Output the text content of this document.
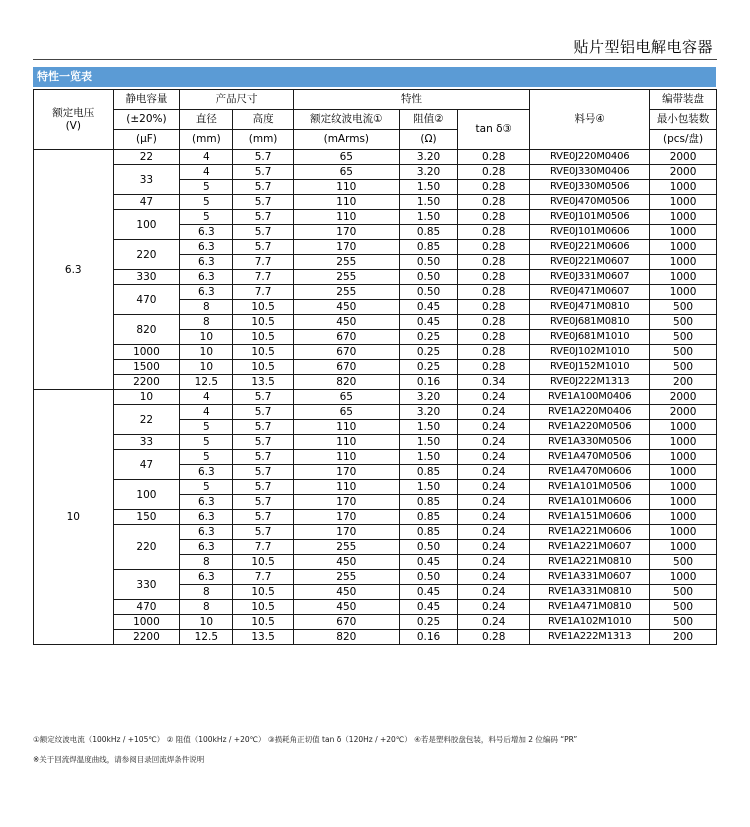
贴片型铝电解电容器
特性一览表
额定电压
(V)	静电容量	产品尺寸		特性			料号④	编带装盘
	(±20%)	直径	高度	额定纹波电流①	阻值②	tan δ③		最小包装数
	(μF)	(mm)	(mm)	(mArms)	(Ω)			(pcs/盘)
6.3	22	4	5.7	65	3.20	0.28	RVE0J220M0406	2000
	33	4	5.7	65	3.20	0.28	RVE0J330M0406	2000
		5	5.7	110	1.50	0.28	RVE0J330M0506	1000
	47	5	5.7	110	1.50	0.28	RVE0J470M0506	1000
	100	5	5.7	110	1.50	0.28	RVE0J101M0506	1000
		6.3	5.7	170	0.85	0.28	RVE0J101M0606	1000
	220	6.3	5.7	170	0.85	0.28	RVE0J221M0606	1000
		6.3	7.7	255	0.50	0.28	RVE0J221M0607	1000
	330	6.3	7.7	255	0.50	0.28	RVE0J331M0607	1000
	470	6.3	7.7	255	0.50	0.28	RVE0J471M0607	1000
		8	10.5	450	0.45	0.28	RVE0J471M0810	500
	820	8	10.5	450	0.45	0.28	RVE0J681M0810	500
		10	10.5	670	0.25	0.28	RVE0J681M1010	500
	1000	10	10.5	670	0.25	0.28	RVE0J102M1010	500
	1500	10	10.5	670	0.25	0.28	RVE0J152M1010	500
	2200	12.5	13.5	820	0.16	0.34	RVE0J222M1313	200
10	10	4	5.7	65	3.20	0.24	RVE1A100M0406	2000
	22	4	5.7	65	3.20	0.24	RVE1A220M0406	2000
		5	5.7	110	1.50	0.24	RVE1A220M0506	1000
	33	5	5.7	110	1.50	0.24	RVE1A330M0506	1000
	47	5	5.7	110	1.50	0.24	RVE1A470M0506	1000
		6.3	5.7	170	0.85	0.24	RVE1A470M0606	1000
	100	5	5.7	110	1.50	0.24	RVE1A101M0506	1000
		6.3	5.7	170	0.85	0.24	RVE1A101M0606	1000
	150	6.3	5.7	170	0.85	0.24	RVE1A151M0606	1000
	220	6.3	5.7	170	0.85	0.24	RVE1A221M0606	1000
		6.3	7.7	255	0.50	0.24	RVE1A221M0607	1000
		8	10.5	450	0.45	0.24	RVE1A221M0810	500
	330	6.3	7.7	255	0.50	0.24	RVE1A331M0607	1000
		8	10.5	450	0.45	0.24	RVE1A331M0810	500
	470	8	10.5	450	0.45	0.24	RVE1A471M0810	500
	1000	10	10.5	670	0.25	0.24	RVE1A102M1010	500
	2200	12.5	13.5	820	0.16	0.28	RVE1A222M1313	200
①额定纹波电流（100kHz / +105℃） ② 阻值（100kHz / +20℃） ③损耗角正切值 tan δ（120Hz / +20℃） ④若是塑料胶盘包装，料号后增加 2 位编码 “PR”
※关于回流焊温度曲线，请参阅目录回流焊条件说明
